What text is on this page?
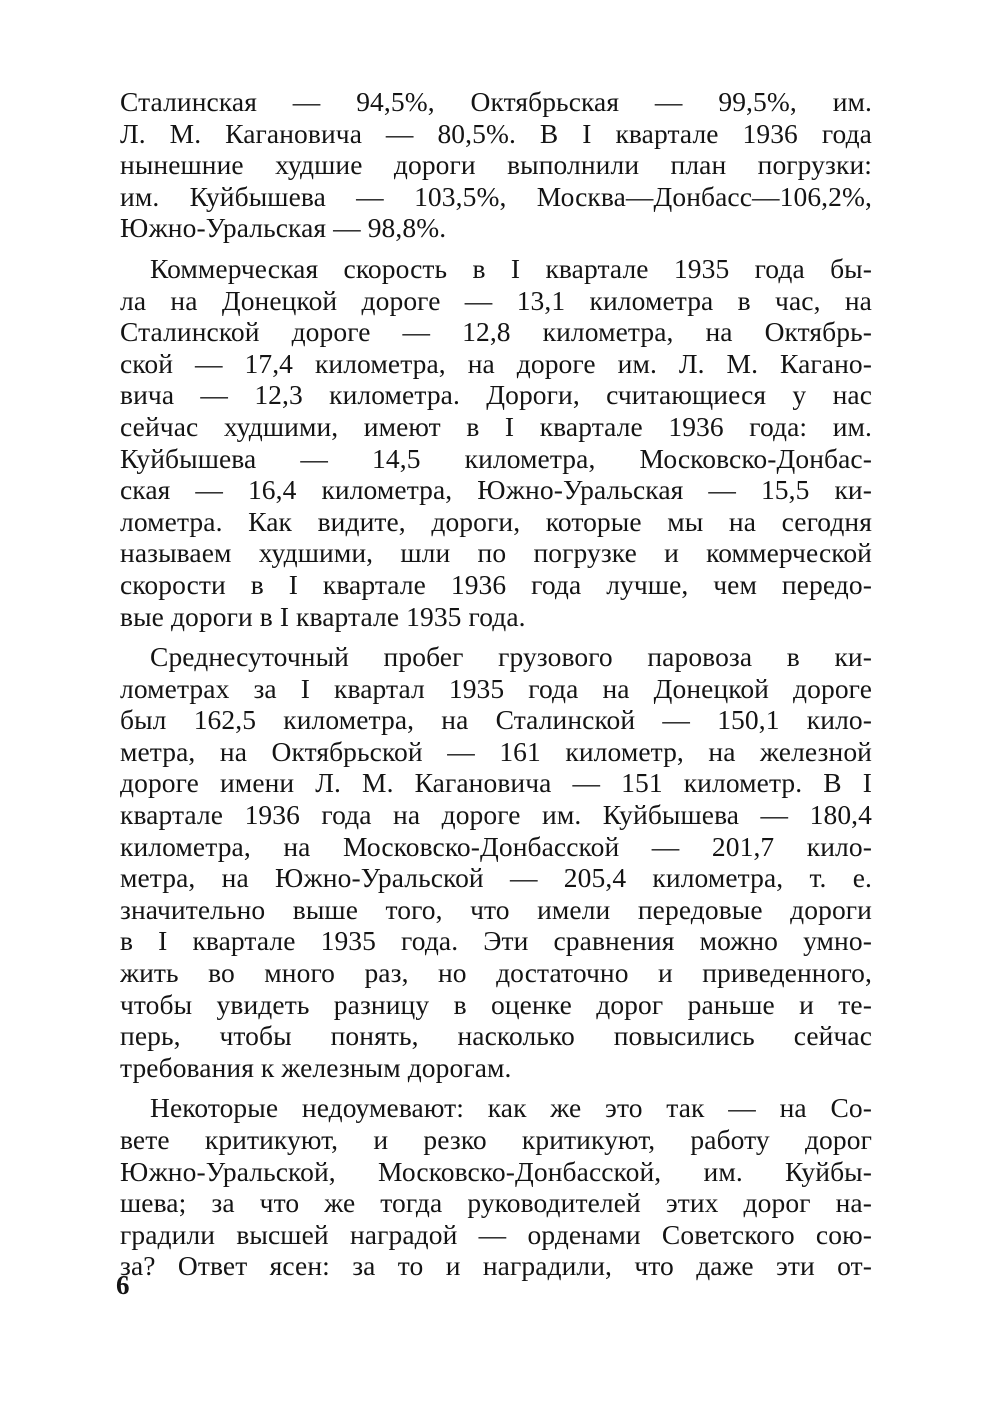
Сталинская — 94,5%, Октябрьская — 99,5%, им.
Л. М. Кагановича — 80,5%. В I квартале 1936 года
нынешние худшие дороги выполнили план погрузки:
им. Куйбышева — 103,5%, Москва—Донбасс—106,2%,
Южно-Уральская — 98,8%.
Коммерческая скорость в I квартале 1935 года бы-
ла на Донецкой дороге — 13,1 километра в час, на
Сталинской дороге — 12,8 километра, на Октябрь-
ской — 17,4 километра, на дороге им. Л. М. Кагано-
вича — 12,3 километра. Дороги, считающиеся у нас
сейчас худшими, имеют в I квартале 1936 года: им.
Куйбышева — 14,5 километра, Московско-Донбас-
ская — 16,4 километра, Южно-Уральская — 15,5 ки-
лометра. Как видите, дороги, которые мы на сегодня
называем худшими, шли по погрузке и коммерческой
скорости в I квартале 1936 года лучше, чем передо-
вые дороги в I квартале 1935 года.
Среднесуточный пробег грузового паровоза в ки-
лометрах за I квартал 1935 года на Донецкой дороге
был 162,5 километра, на Сталинской — 150,1 кило-
метра, на Октябрьской — 161 километр, на железной
дороге имени Л. М. Кагановича — 151 километр. В I
квартале 1936 года на дороге им. Куйбышева — 180,4
километра, на Московско-Донбасской — 201,7 кило-
метра, на Южно-Уральской — 205,4 километра, т. е.
значительно выше того, что имели передовые дороги
в I квартале 1935 года. Эти сравнения можно умно-
жить во много раз, но достаточно и приведенного,
чтобы увидеть разницу в оценке дорог раньше и те-
перь, чтобы понять, насколько повысились сейчас
требования к железным дорогам.
Некоторые недоумевают: как же это так — на Со-
вете критикуют, и резко критикуют, работу дорог
Южно-Уральской, Московско-Донбасской, им. Куйбы-
шева; за что же тогда руководителей этих дорог на-
градили высшей наградой — орденами Советского сою-
за? Ответ ясен: за то и наградили, что даже эти от-
6
